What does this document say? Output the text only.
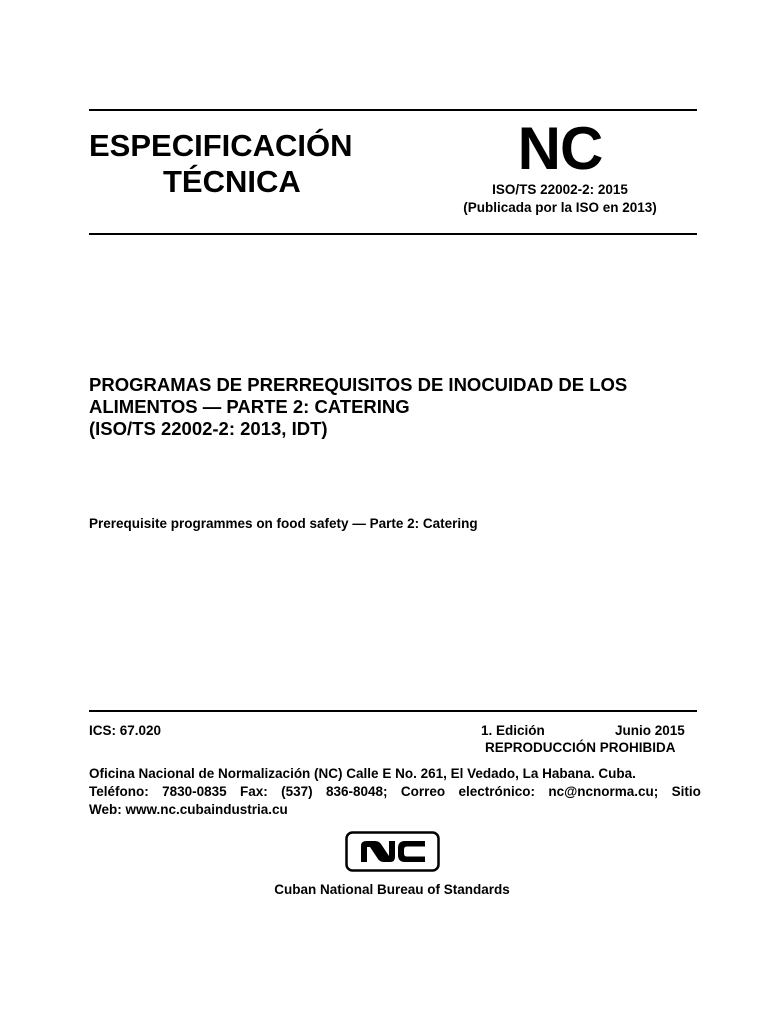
ESPECIFICACIÓN
TÉCNICA	NC
ISO/TS 22002-2: 2015
(Publicada por la ISO en 2013)
PROGRAMAS DE PRERREQUISITOS DE INOCUIDAD DE LOS
ALIMENTOS — PARTE 2: CATERING
(ISO/TS 22002-2: 2013, IDT)
Prerequisite programmes on food safety — Parte 2: Catering
ICS: 67.020	1. Edición	Junio 2015
REPRODUCCIÓN PROHIBIDA
Oficina Nacional de Normalización (NC) Calle E No. 261, El Vedado, La Habana. Cuba.
Teléfono: 7830-0835 Fax: (537) 836-8048; Correo electrónico: nc@ncnorma.cu; Sitio
Web: www.nc.cubaindustria.cu
Cuban National Bureau of Standards
